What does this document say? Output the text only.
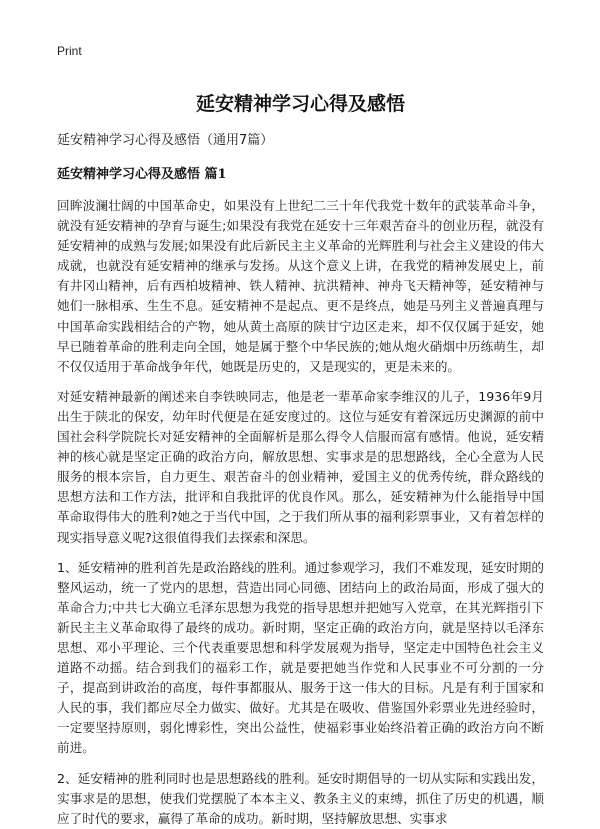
Print
延安精神学习心得及感悟

延安精神学习心得及感悟（通用7篇）

延安精神学习心得及感悟 篇1

回眸波澜壮阔的中国革命史，如果没有上世纪二三十年代我党十数年的武装革命斗争，就没有延安精神的孕育与诞生;如果没有我党在延安十三年艰苦奋斗的创业历程，就没有延安精神的成熟与发展;如果没有此后新民主主义革命的光辉胜利与社会主义建设的伟大成就，也就没有延安精神的继承与发扬。从这个意义上讲，在我党的精神发展史上，前有井冈山精神，后有西柏坡精神、铁人精神、抗洪精神、神舟飞天精神等，延安精神与她们一脉相承、生生不息。延安精神不是起点、更不是终点，她是马列主义普遍真理与中国革命实践相结合的产物，她从黄土高原的陕甘宁边区走来，却不仅仅属于延安，她早已随着革命的胜利走向全国，她是属于整个中华民族的;她从炮火硝烟中历练萌生，却不仅仅适用于革命战争年代，她既是历史的，又是现实的，更是未来的。

对延安精神最新的阐述来自李铁映同志，他是老一辈革命家李维汉的儿子，1936年9月出生于陕北的保安，幼年时代便是在延安度过的。这位与延安有着深远历史渊源的前中国社会科学院院长对延安精神的全面解析是那么得令人信服而富有感情。他说，延安精神的核心就是坚定正确的政治方向，解放思想、实事求是的思想路线，全心全意为人民服务的根本宗旨，自力更生、艰苦奋斗的创业精神，爱国主义的优秀传统，群众路线的思想方法和工作方法，批评和自我批评的优良作风。那么，延安精神为什么能指导中国革命取得伟大的胜利?她之于当代中国，之于我们所从事的福利彩票事业，又有着怎样的现实指导意义呢?这很值得我们去探索和深思。

1、延安精神的胜利首先是政治路线的胜利。通过参观学习，我们不难发现，延安时期的整风运动，统一了党内的思想，营造出同心同德、团结向上的政治局面，形成了强大的革命合力;中共七大确立毛泽东思想为我党的指导思想并把她写入党章，在其光辉指引下新民主主义革命取得了最终的成功。新时期，坚定正确的政治方向，就是坚持以毛泽东思想、邓小平理论、三个代表重要思想和科学发展观为指导，坚定走中国特色社会主义道路不动摇。结合到我们的福彩工作，就是要把她当作党和人民事业不可分割的一分子，提高到讲政治的高度，每件事都服从、服务于这一伟大的目标。凡是有利于国家和人民的事，我们都应尽全力做实、做好。尤其是在吸收、借鉴国外彩票业先进经验时，一定要坚持原则，弱化博彩性，突出公益性，使福彩事业始终沿着正确的政治方向不断前进。

2、延安精神的胜利同时也是思想路线的胜利。延安时期倡导的一切从实际和实践出发，实事求是的思想，使我们党摆脱了本本主义、教条主义的束缚，抓住了历史的机遇，顺应了时代的要求，赢得了革命的成功。新时期，坚持解放思想、实事求
